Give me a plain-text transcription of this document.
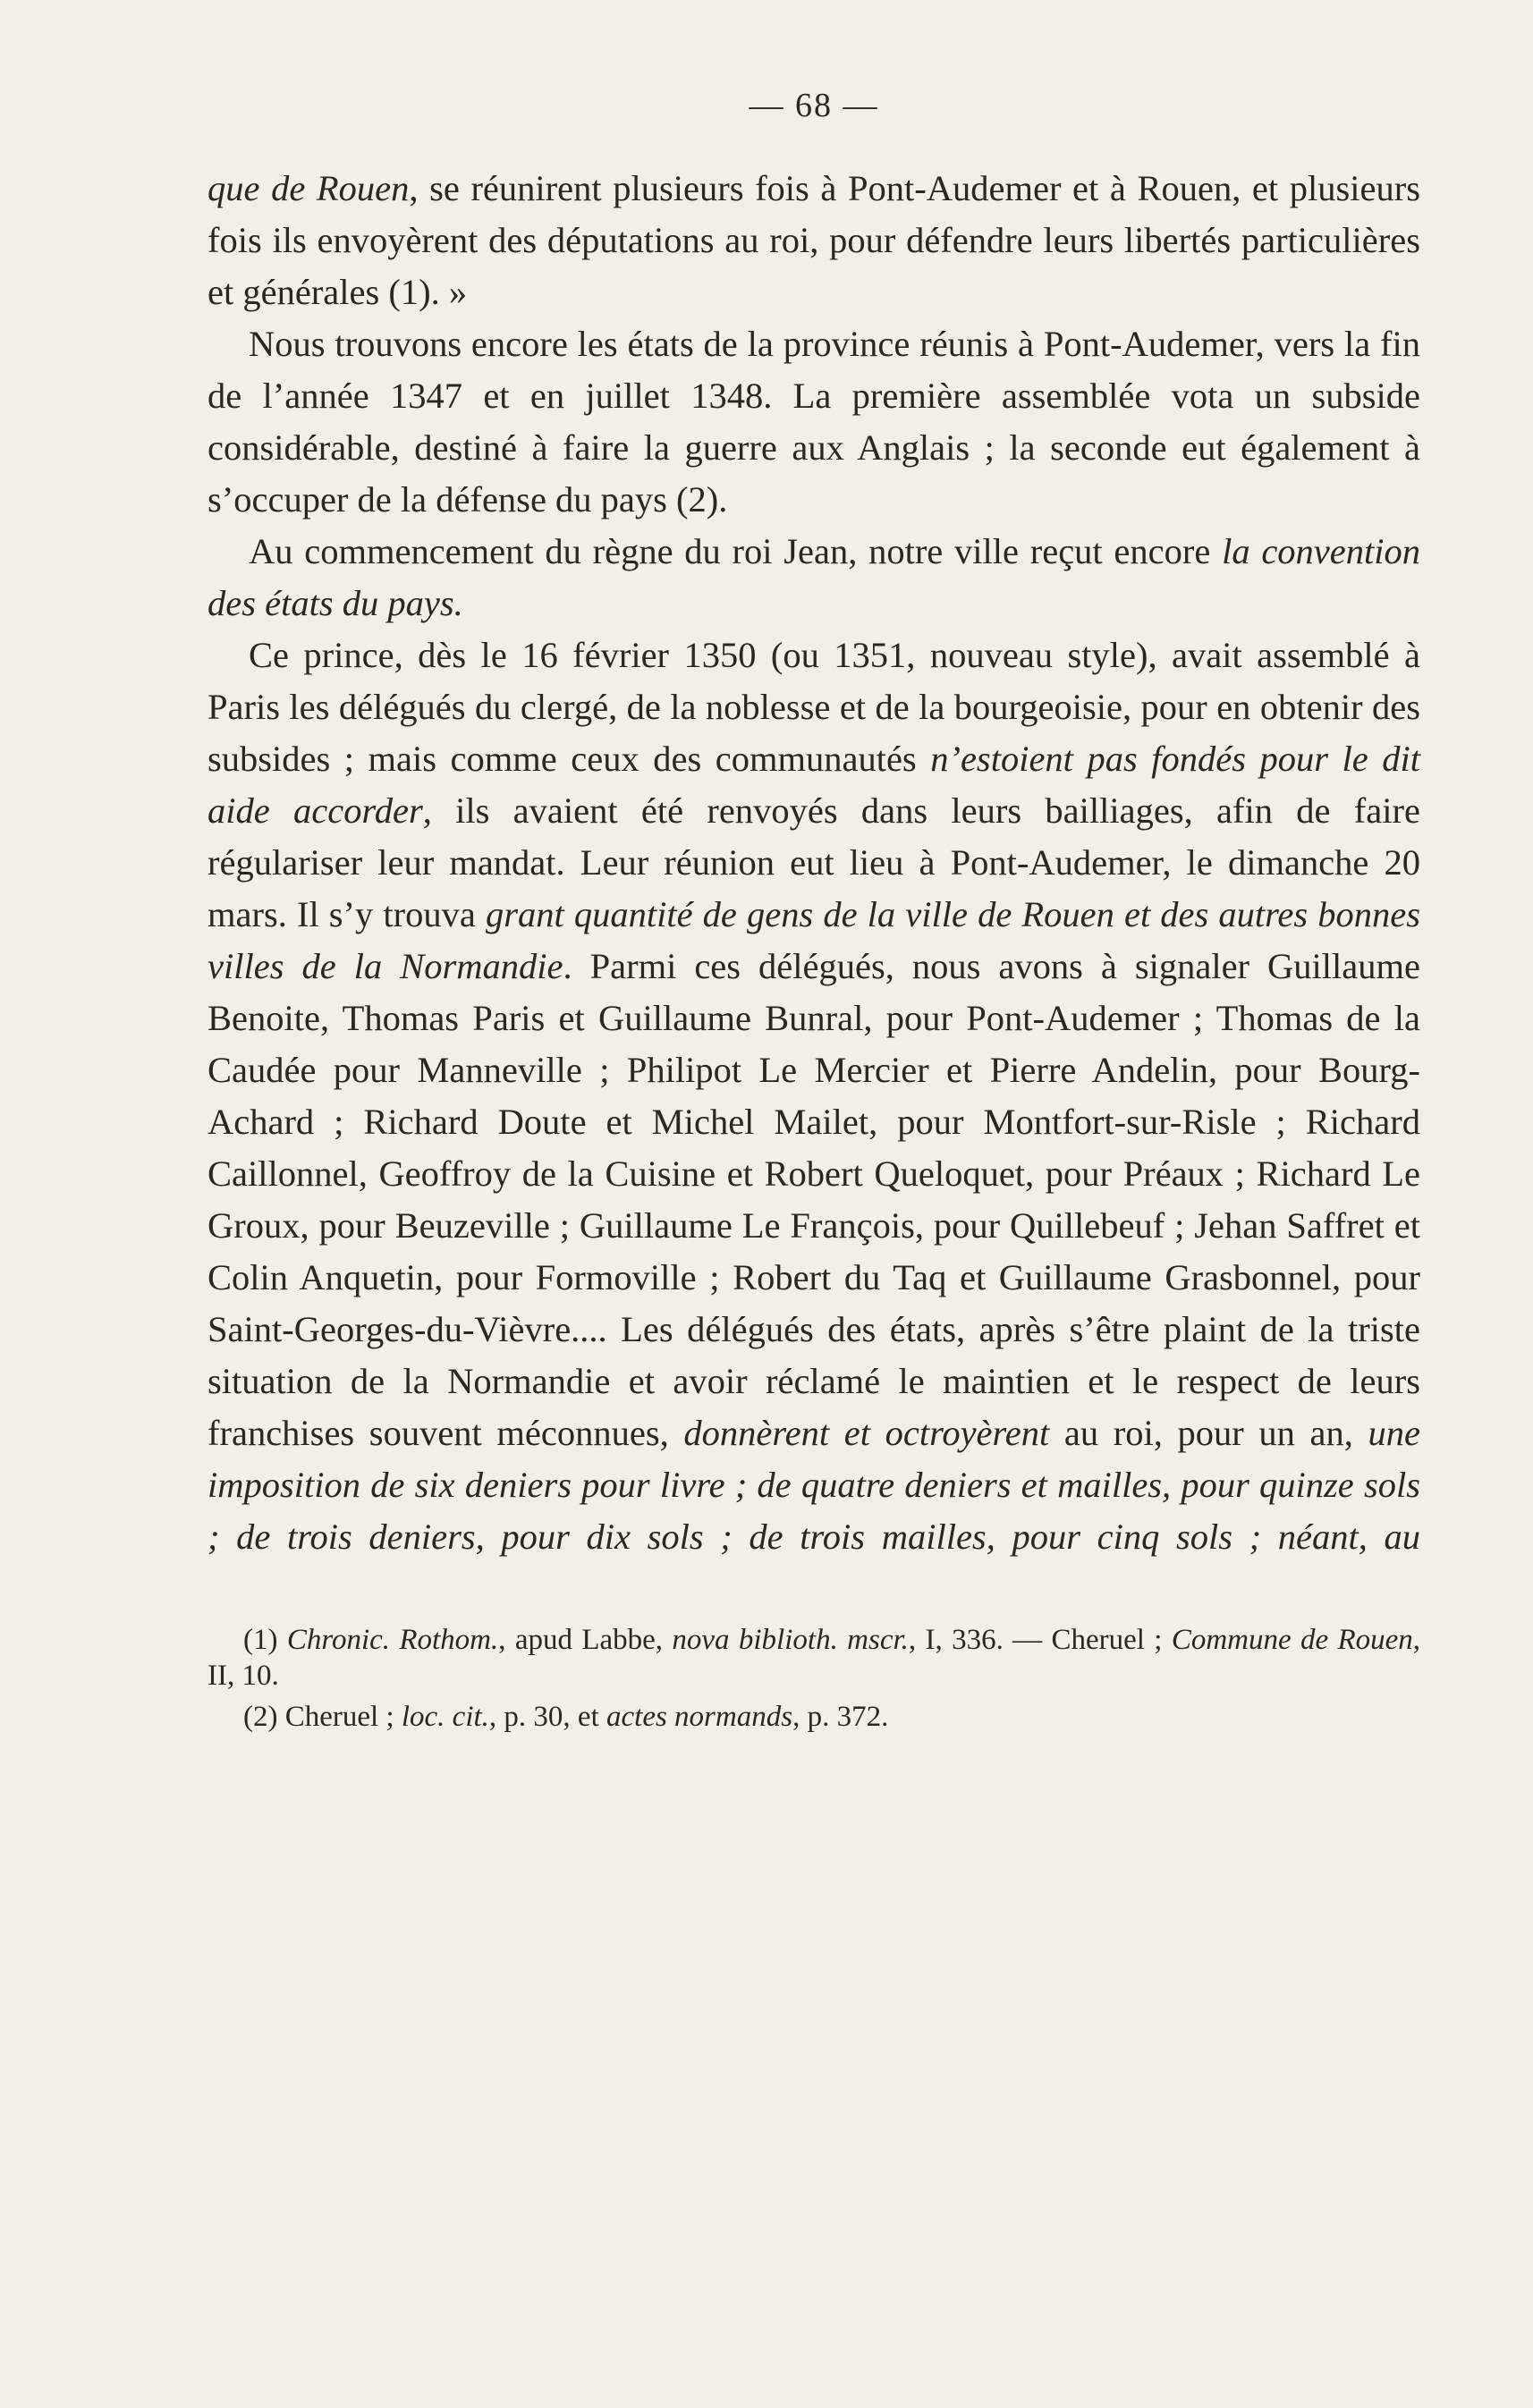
— 68 —

que de Rouen, se réunirent plusieurs fois à Pont-Audemer et à Rouen, et plusieurs fois ils envoyèrent des députations au roi, pour défendre leurs libertés particulières et générales (1). »

Nous trouvons encore les états de la province réunis à Pont-Audemer, vers la fin de l’année 1347 et en juillet 1348. La première assemblée vota un subside considérable, destiné à faire la guerre aux Anglais ; la seconde eut également à s’occuper de la défense du pays (2).

Au commencement du règne du roi Jean, notre ville reçut encore la convention des états du pays.

Ce prince, dès le 16 février 1350 (ou 1351, nouveau style), avait assemblé à Paris les délégués du clergé, de la noblesse et de la bourgeoisie, pour en obtenir des subsides ; mais comme ceux des communautés n’estoient pas fondés pour le dit aide accorder, ils avaient été renvoyés dans leurs bailliages, afin de faire régulariser leur mandat. Leur réunion eut lieu à Pont-Audemer, le dimanche 20 mars. Il s’y trouva grant quantité de gens de la ville de Rouen et des autres bonnes villes de la Normandie. Parmi ces délégués, nous avons à signaler Guillaume Benoite, Thomas Paris et Guillaume Bunral, pour Pont-Audemer ; Thomas de la Caudée pour Manneville ; Philipot Le Mercier et Pierre Andelin, pour Bourg-Achard ; Richard Doute et Michel Mailet, pour Montfort-sur-Risle ; Richard Caillonnel, Geoffroy de la Cuisine et Robert Queloquet, pour Préaux ; Richard Le Groux, pour Beuzeville ; Guillaume Le François, pour Quillebeuf ; Jehan Saffret et Colin Anquetin, pour Formoville ; Robert du Taq et Guillaume Grasbonnel, pour Saint-Georges-du-Vièvre.... Les délégués des états, après s’être plaint de la triste situation de la Normandie et avoir réclamé le maintien et le respect de leurs franchises souvent méconnues, donnèrent et octroyèrent au roi, pour un an, une imposition de six deniers pour livre ; de quatre deniers et mailles, pour quinze sols ; de trois deniers, pour dix sols ; de trois mailles, pour cinq sols ; néant, au

(1) Chronic. Rothom., apud Labbe, nova biblioth. mscr., I, 336. — Cheruel ; Commune de Rouen, II, 10.

(2) Cheruel ; loc. cit., p. 30, et actes normands, p. 372.
